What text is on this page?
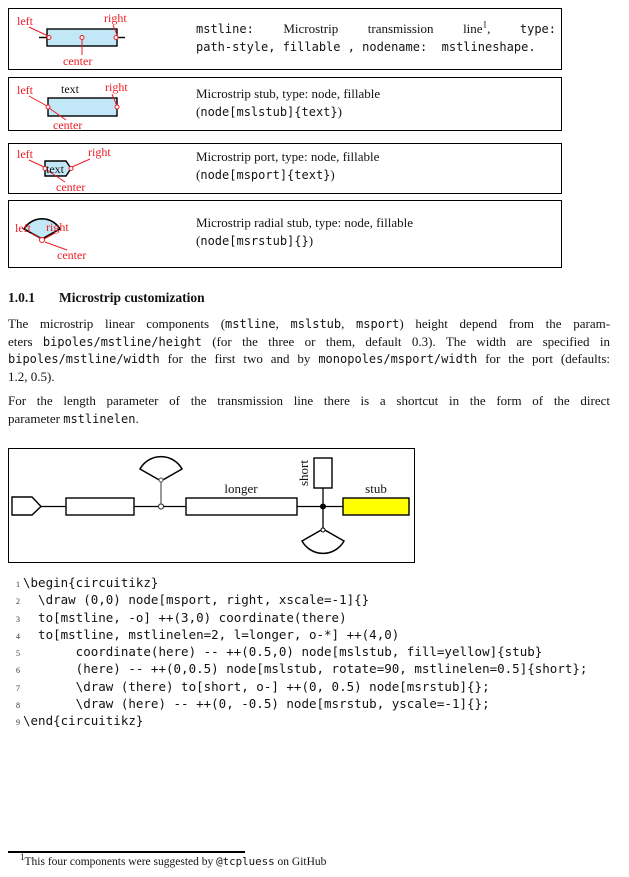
left	right
center
mstline: Microstrip transmission line$^1$, type:
path-style, fillable , nodename:  mstlineshape.
text
left	right
center
Microstrip stub, type: node, fillable
(node[mslstub]{text})
text
left	right
center
Microstrip port, type: node, fillable
(node[msport]{text})
left right
center
Microstrip radial stub, type: node, fillable
(node[msrstub]{})
1.0.1 Microstrip customization
The microstrip linear components (mstline, mslstub, msport) height depend from the param-
eters bipoles/mstline/height (for the three or them, default 0.3). The width are specified in
bipoles/mstline/width for the first two and by monopoles/msport/width for the port (defaults:
1.2, 0.5).
For the length parameter of the transmission line there is a shortcut in the form of the direct
parameter mstlinelen.
longer
short
stub
1 \begin{circuitikz}
2  \draw (0,0) node[msport, right, xscale=-1]{}
3  to[mstline, -o] ++(3,0) coordinate(there)
4  to[mstline, mstlinelen=2, l=longer, o-*] ++(4,0)
5       coordinate(here) -- ++(0.5,0) node[mslstub, fill=yellow]{stub}
6       (here) -- ++(0,0.5) node[mslstub, rotate=90, mstlinelen=0.5]{short};
7       \draw (there) to[short, o-] ++(0, 0.5) node[msrstub]{};
8       \draw (here) -- ++(0, -0.5) node[msrstub, yscale=-1]{};
9 \end{circuitikz}
$^1$This four components were suggested by @tcpluess on GitHub
